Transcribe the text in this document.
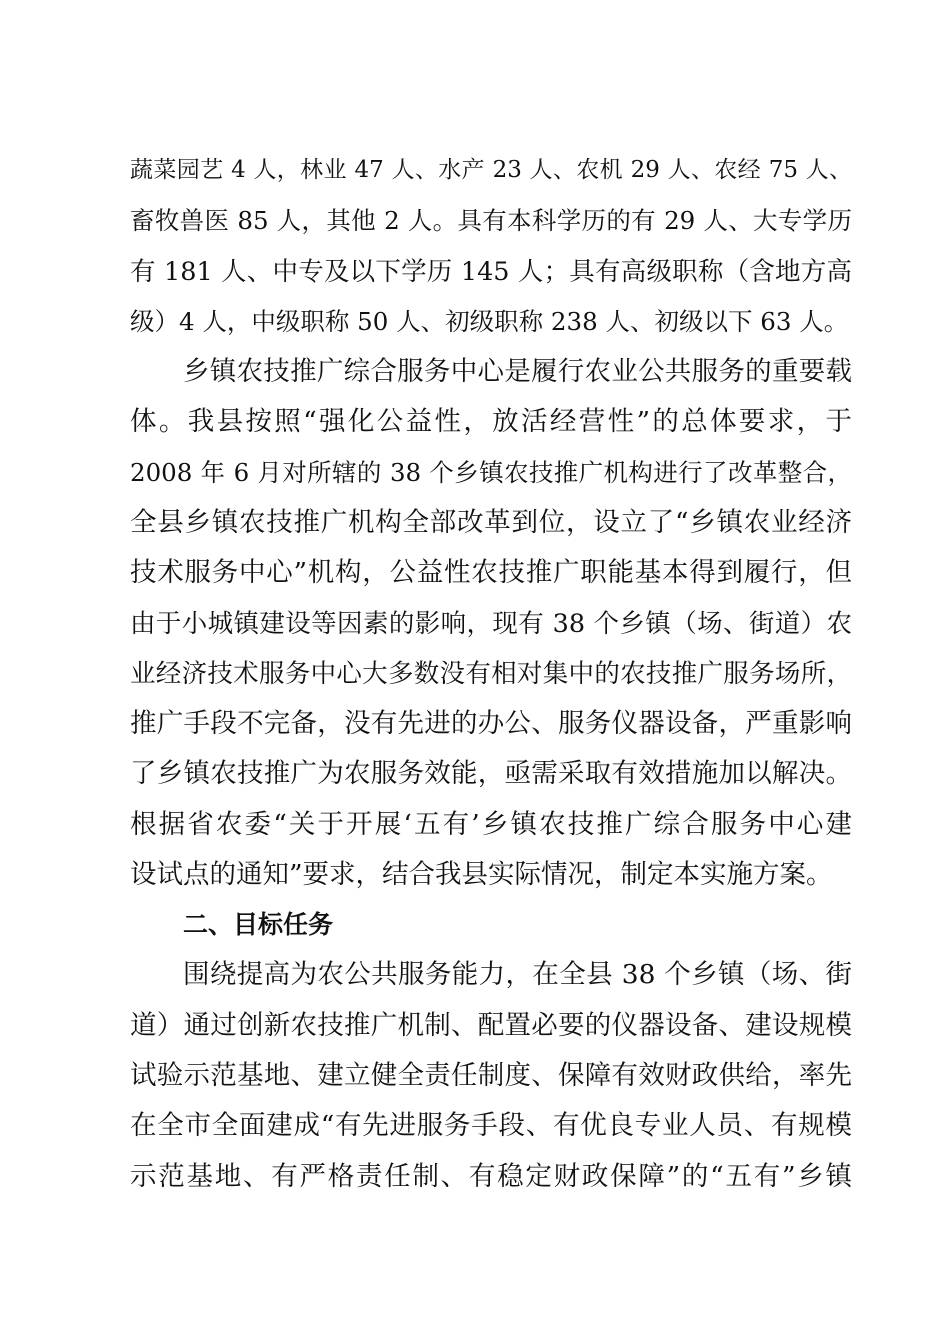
蔬菜园艺 4 人，林业 47 人、水产 23 人、农机 29 人、农经 75 人、
畜牧兽医 85 人，其他 2 人。具有本科学历的有 29 人、大专学历
有 181 人、中专及以下学历 145 人；具有高级职称（含地方高
级）4 人，中级职称 50 人、初级职称 238 人、初级以下 63 人。
乡镇农技推广综合服务中心是履行农业公共服务的重要载
体。我县按照“强化公益性，放活经营性”的总体要求，于
2008 年 6 月对所辖的 38 个乡镇农技推广机构进行了改革整合，
全县乡镇农技推广机构全部改革到位，设立了“乡镇农业经济
技术服务中心”机构，公益性农技推广职能基本得到履行，但
由于小城镇建设等因素的影响，现有 38 个乡镇（场、街道）农
业经济技术服务中心大多数没有相对集中的农技推广服务场所，
推广手段不完备，没有先进的办公、服务仪器设备，严重影响
了乡镇农技推广为农服务效能，亟需采取有效措施加以解决。
根据省农委“关于开展‘五有’乡镇农技推广综合服务中心建
设试点的通知”要求，结合我县实际情况，制定本实施方案。
二、目标任务
围绕提高为农公共服务能力，在全县 38 个乡镇（场、街
道）通过创新农技推广机制、配置必要的仪器设备、建设规模
试验示范基地、建立健全责任制度、保障有效财政供给，率先
在全市全面建成“有先进服务手段、有优良专业人员、有规模
示范基地、有严格责任制、有稳定财政保障”的“五有”乡镇
